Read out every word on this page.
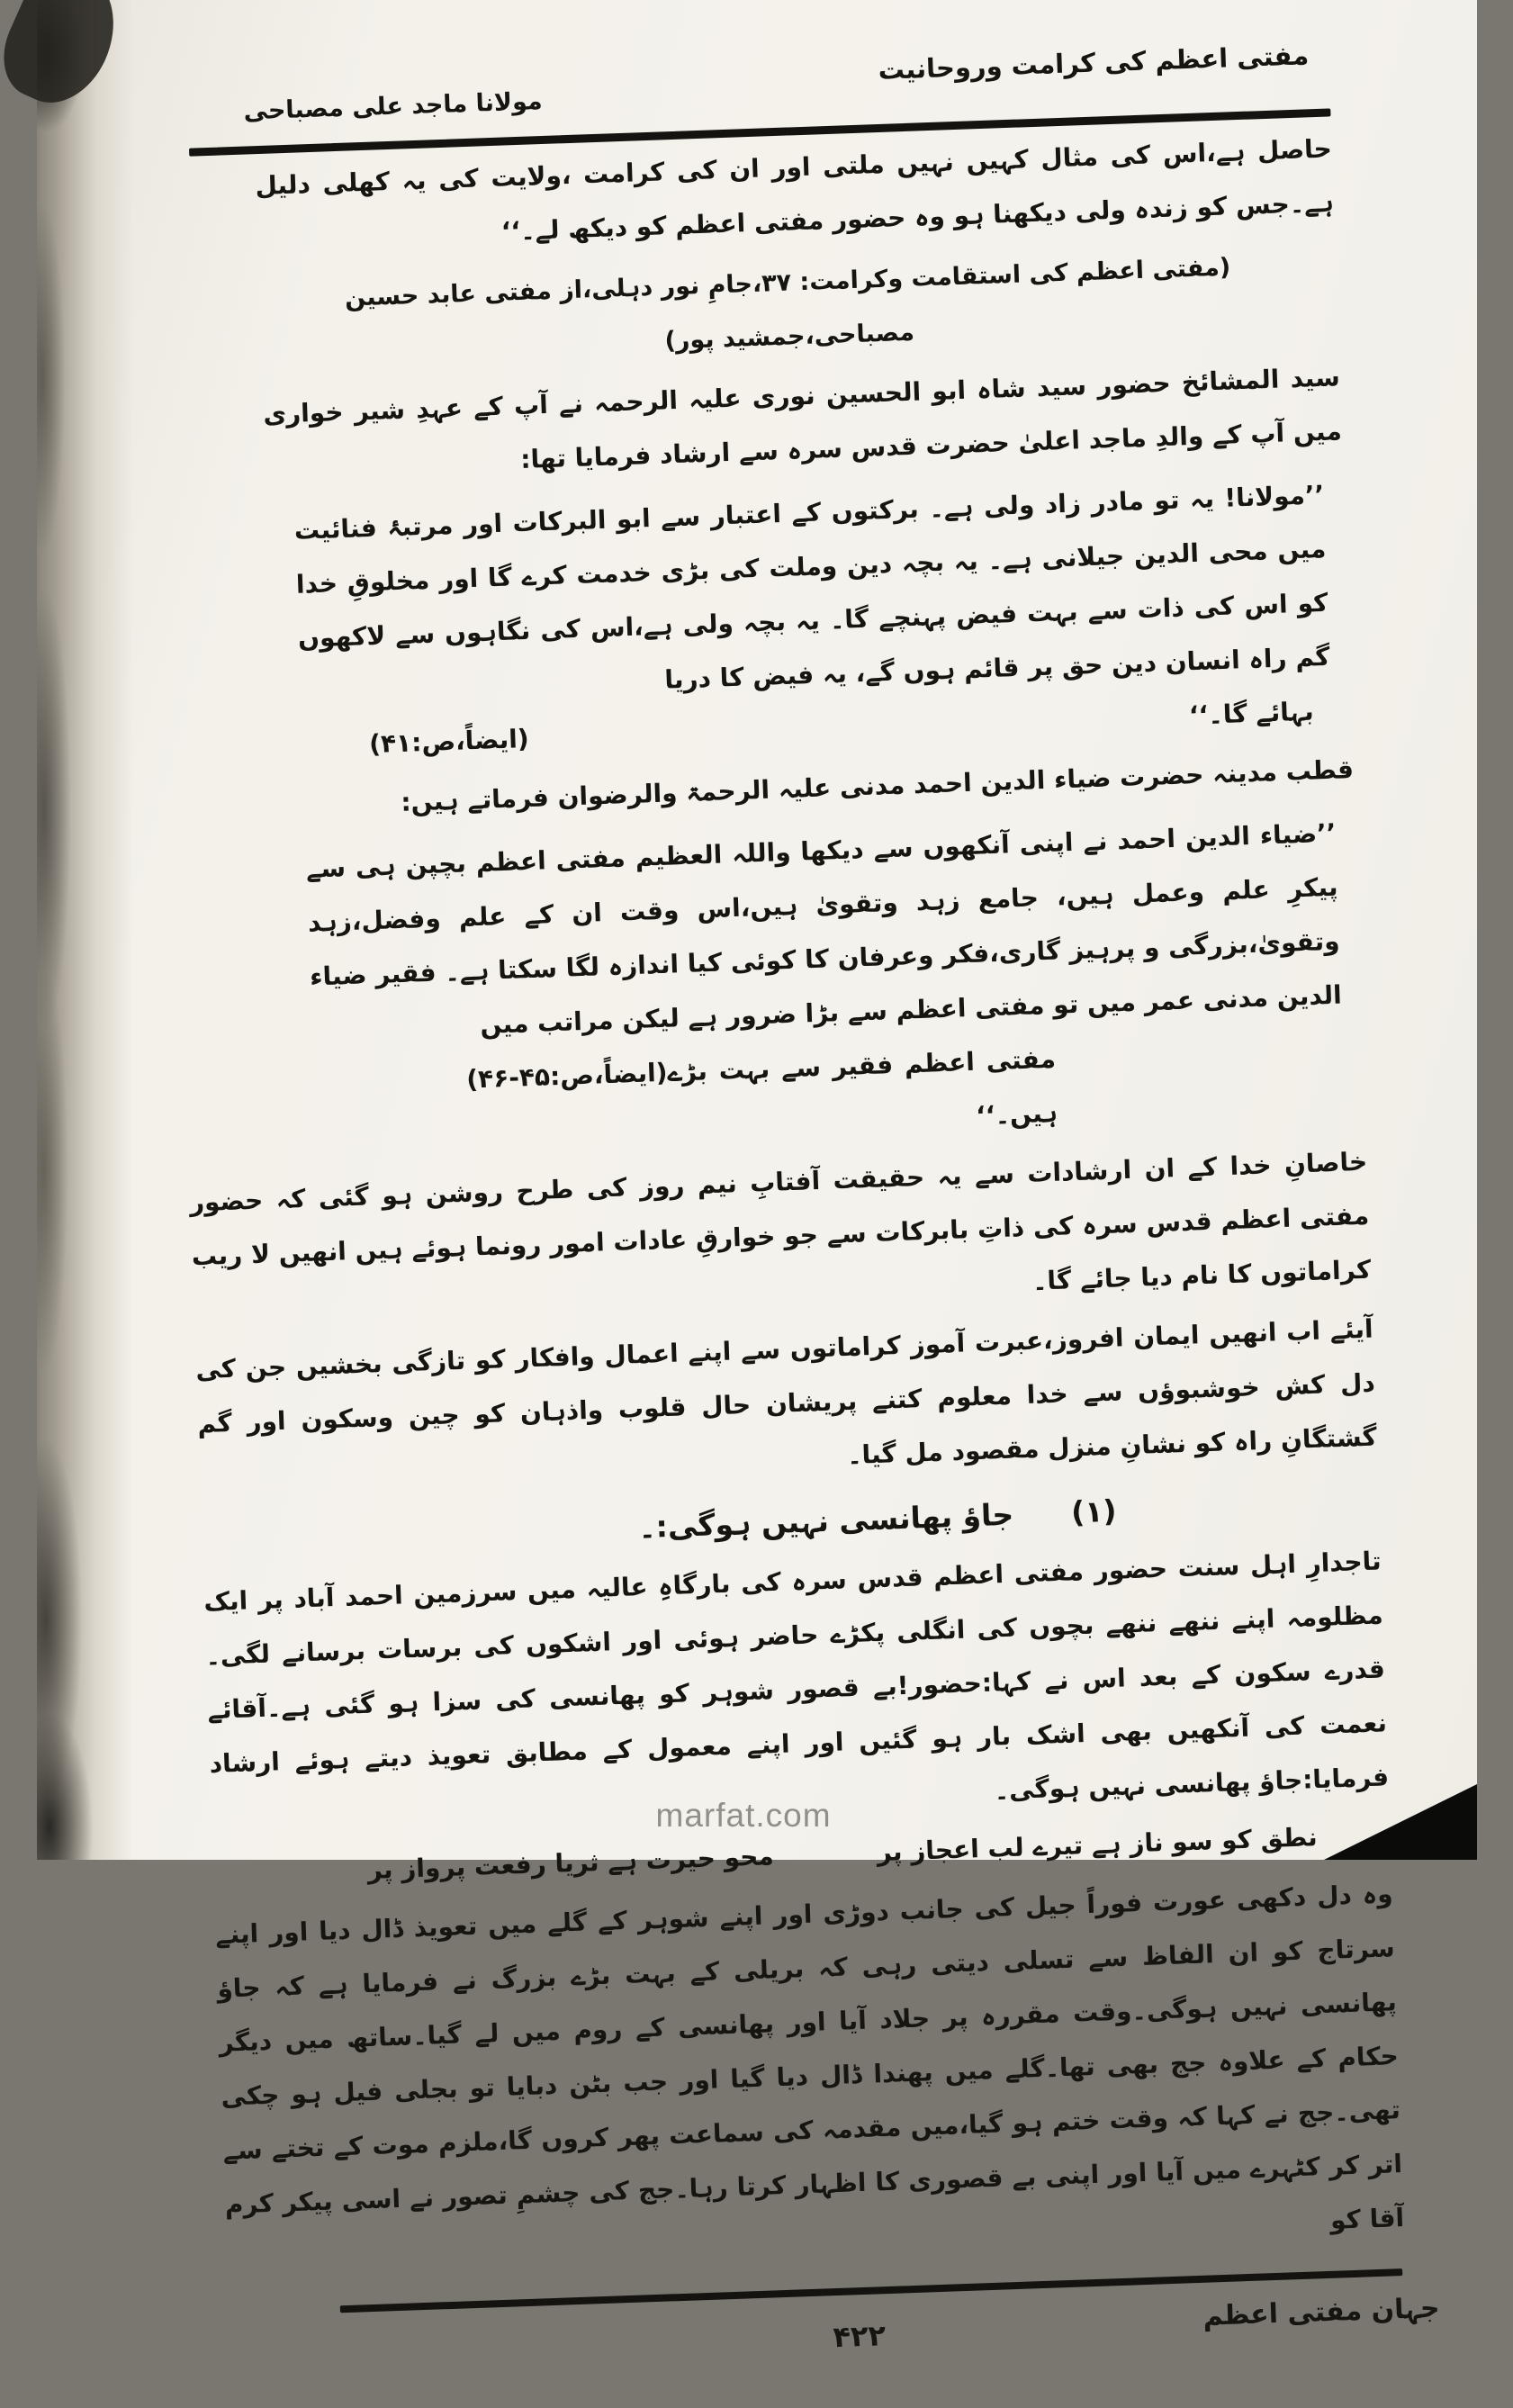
مفتی اعظم کی کرامت وروحانیت
مولانا ماجد علی مصباحی

حاصل ہے،اس کی مثال کہیں نہیں ملتی اور ان کی کرامت ،ولایت کی یہ کھلی دلیل ہے۔جس کو زندہ ولی دیکھنا ہو وہ حضور مفتی اعظم کو دیکھ لے۔‘‘

(مفتی اعظم کی استقامت وکرامت: ۳۷،جامِ نور دہلی،از مفتی عابد حسین مصباحی،جمشید پور)

سید المشائخ حضور سید شاہ ابو الحسین نوری علیہ الرحمہ نے آپ کے عہدِ شیر خواری میں آپ کے والدِ ماجد اعلیٰ حضرت قدس سرہ سے ارشاد فرمایا تھا:

’’مولانا! یہ تو مادر زاد ولی ہے۔ برکتوں کے اعتبار سے ابو البرکات اور مرتبۂ فنائیت میں محی الدین جیلانی ہے۔ یہ بچہ دین وملت کی بڑی خدمت کرے گا اور مخلوقِ خدا کو اس کی ذات سے بہت فیض پہنچے گا۔ یہ بچہ ولی ہے،اس کی نگاہوں سے لاکھوں گم راہ انسان دین حق پر قائم ہوں گے، یہ فیض کا دریا

بہائے گا۔‘‘
(ایضاً،ص:۴۱)

قطب مدینہ حضرت ضیاء الدین احمد مدنی علیہ الرحمۃ والرضوان فرماتے ہیں:

’’ضیاء الدین احمد نے اپنی آنکھوں سے دیکھا واللہ العظیم مفتی اعظم بچپن ہی سے پیکرِ علم وعمل ہیں، جامع زہد وتقویٰ ہیں،اس وقت ان کے علم وفضل،زہد وتقویٰ،بزرگی و پرہیز گاری،فکر وعرفان کا کوئی کیا اندازہ لگا سکتا ہے۔ فقیر ضیاء الدین مدنی عمر میں تو مفتی اعظم سے بڑا ضرور ہے لیکن مراتب میں

مفتی اعظم فقیر سے بہت بڑے ہیں۔‘‘
(ایضاً،ص:۴۵-۴۶)

خاصانِ خدا کے ان ارشادات سے یہ حقیقت آفتابِ نیم روز کی طرح روشن ہو گئی کہ حضور مفتی اعظم قدس سرہ کی ذاتِ بابرکات سے جو خوارقِ عادات امور رونما ہوئے ہیں انھیں لا ریب کراماتوں کا نام دیا جائے گا۔

آیئے اب انھیں ایمان افروز،عبرت آموز کراماتوں سے اپنے اعمال وافکار کو تازگی بخشیں جن کی دل کش خوشبوؤں سے خدا معلوم کتنے پریشان حال قلوب واذہان کو چین وسکون اور گم گشتگانِ راہ کو نشانِ منزل مقصود مل گیا۔

(۱)
جاؤ پھانسی نہیں ہوگی:۔

تاجدارِ اہل سنت حضور مفتی اعظم قدس سرہ کی بارگاہِ عالیہ میں سرزمین احمد آباد پر ایک مظلومہ اپنے ننھے ننھے بچوں کی انگلی پکڑے حاضر ہوئی اور اشکوں کی برسات برسانے لگی۔قدرے سکون کے بعد اس نے کہا:حضور!بے قصور شوہر کو پھانسی کی سزا ہو گئی ہے۔آقائے نعمت کی آنکھیں بھی اشک بار ہو گئیں اور اپنے معمول کے مطابق تعویذ دیتے ہوئے ارشاد فرمایا:جاؤ پھانسی نہیں ہوگی۔

نطق کو سو ناز ہے تیرے لب اعجاز پر
محو حیرت ہے ثریا رفعت پرواز پر

وہ دل دکھی عورت فوراً جیل کی جانب دوڑی اور اپنے شوہر کے گلے میں تعویذ ڈال دیا اور اپنے سرتاج کو ان الفاظ سے تسلی دیتی رہی کہ بریلی کے بہت بڑے بزرگ نے فرمایا ہے کہ جاؤ پھانسی نہیں ہوگی۔وقت مقررہ پر جلاد آیا اور پھانسی کے روم میں لے گیا۔ساتھ میں دیگر حکام کے علاوہ جج بھی تھا۔گلے میں پھندا ڈال دیا گیا اور جب بٹن دبایا تو بجلی فیل ہو چکی تھی۔جج نے کہا کہ وقت ختم ہو گیا،میں مقدمہ کی سماعت پھر کروں گا،ملزم موت کے تختے سے اتر کر کٹہرے میں آیا اور اپنی بے قصوری کا اظہار کرتا رہا۔جج کی چشمِ تصور نے اسی پیکر کرم آقا کو

جہان مفتی اعظم
۴۲۲
marfat.com
